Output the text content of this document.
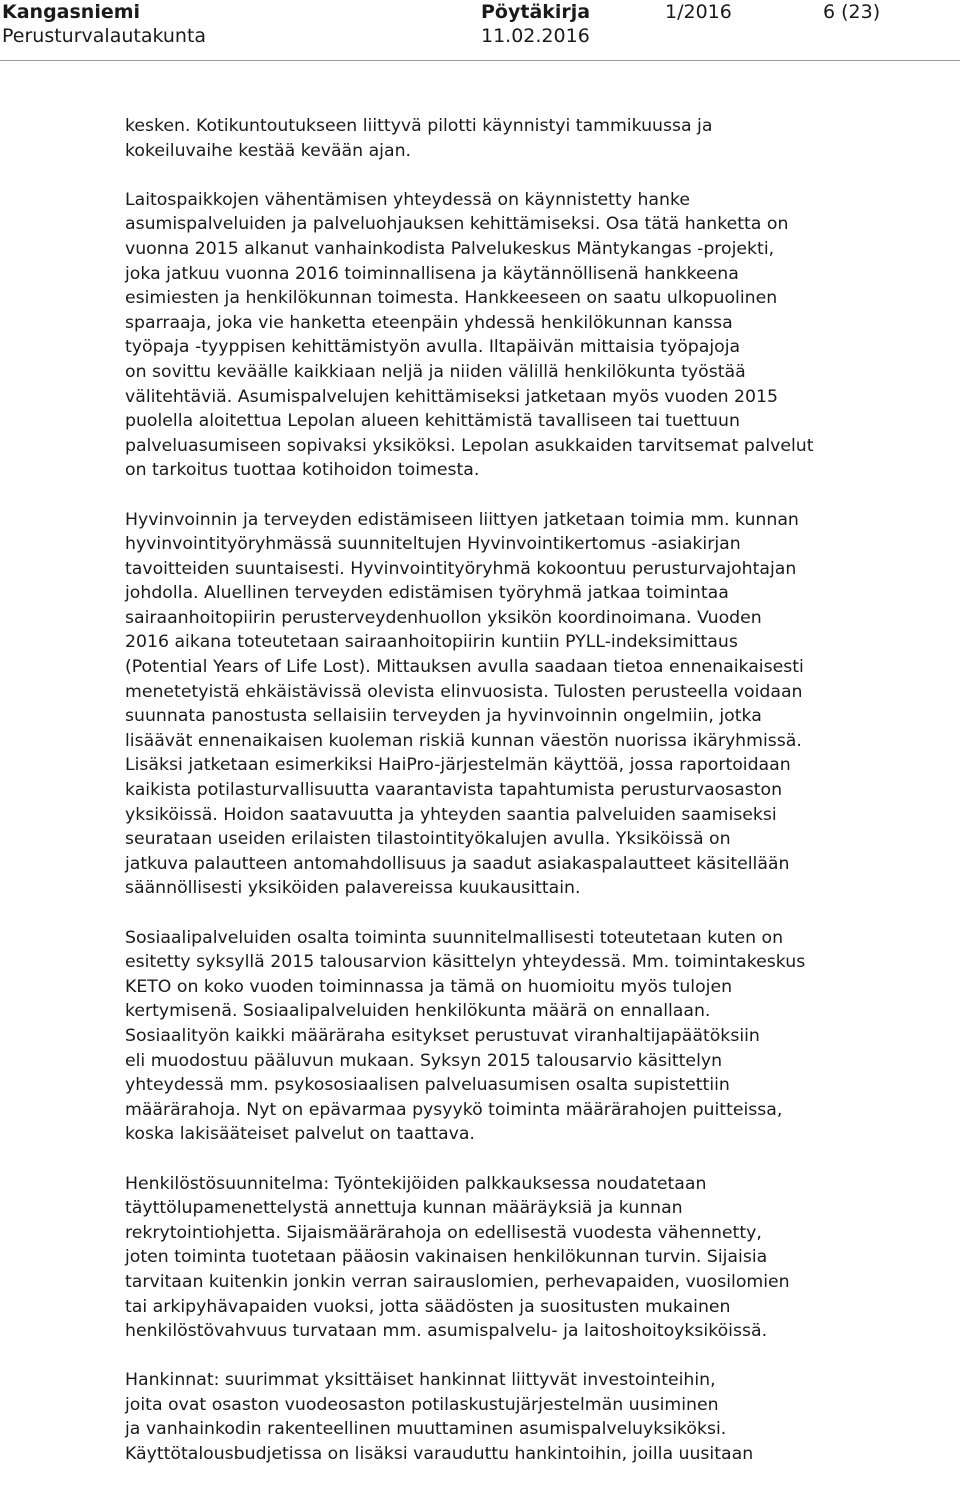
Kangasniemi
Perusturvalautakunta
Pöytäkirja
11.02.2016
1/2016	6 (23)

kesken. Kotikuntoutukseen liittyvä pilotti käynnistyi tammikuussa ja
kokeiluvaihe kestää kevään ajan.

Laitospaikkojen vähentämisen yhteydessä on käynnistetty hanke
asumispalveluiden ja palveluohjauksen kehittämiseksi. Osa tätä hanketta on
vuonna 2015 alkanut vanhainkodista Palvelukeskus Mäntykangas -projekti,
joka jatkuu vuonna 2016 toiminnallisena ja käytännöllisenä hankkeena
esimiesten ja henkilökunnan toimesta. Hankkeeseen on saatu ulkopuolinen
sparraaja, joka vie hanketta eteenpäin yhdessä henkilökunnan kanssa
työpaja -tyyppisen kehittämistyön avulla. Iltapäivän mittaisia työpajoja
on sovittu keväälle kaikkiaan neljä ja niiden välillä henkilökunta työstää
välitehtäviä. Asumispalvelujen kehittämiseksi jatketaan myös vuoden 2015
puolella aloitettua Lepolan alueen kehittämistä tavalliseen tai tuettuun
palveluasumiseen sopivaksi yksiköksi. Lepolan asukkaiden tarvitsemat palvelut
on tarkoitus tuottaa kotihoidon toimesta.

Hyvinvoinnin ja terveyden edistämiseen liittyen jatketaan toimia mm. kunnan
hyvinvointityöryhmässä suunniteltujen Hyvinvointikertomus -asiakirjan
tavoitteiden suuntaisesti. Hyvinvointityöryhmä kokoontuu perusturvajohtajan
johdolla. Aluellinen terveyden edistämisen työryhmä jatkaa toimintaa
sairaanhoitopiirin perusterveydenhuollon yksikön koordinoimana. Vuoden
2016 aikana toteutetaan sairaanhoitopiirin kuntiin PYLL-indeksimittaus
(Potential Years of Life Lost). Mittauksen avulla saadaan tietoa ennenaikaisesti
menetetyistä ehkäistävissä olevista elinvuosista. Tulosten perusteella voidaan
suunnata panostusta sellaisiin terveyden ja hyvinvoinnin ongelmiin, jotka
lisäävät ennenaikaisen kuoleman riskiä kunnan väestön nuorissa ikäryhmissä.
Lisäksi jatketaan esimerkiksi HaiPro-järjestelmän käyttöä, jossa raportoidaan
kaikista potilasturvallisuutta vaarantavista tapahtumista perusturvaosaston
yksiköissä. Hoidon saatavuutta ja yhteyden saantia palveluiden saamiseksi
seurataan useiden erilaisten tilastointityökalujen avulla. Yksiköissä on
jatkuva palautteen antomahdollisuus ja saadut asiakaspalautteet käsitellään
säännöllisesti yksiköiden palavereissa kuukausittain.

Sosiaalipalveluiden osalta toiminta suunnitelmallisesti toteutetaan kuten on
esitetty syksyllä 2015 talousarvion käsittelyn yhteydessä. Mm. toimintakeskus
KETO on koko vuoden toiminnassa ja tämä on huomioitu myös tulojen
kertymisenä. Sosiaalipalveluiden henkilökunta määrä on ennallaan.
Sosiaalityön kaikki määräraha esitykset perustuvat viranhaltijapäätöksiin
eli muodostuu pääluvun mukaan. Syksyn 2015 talousarvio käsittelyn
yhteydessä mm. psykososiaalisen palveluasumisen osalta supistettiin
määrärahoja. Nyt on epävarmaa pysyykö toiminta määrärahojen puitteissa,
koska lakisääteiset palvelut on taattava.

Henkilöstösuunnitelma: Työntekijöiden palkkauksessa noudatetaan
täyttölupamenettelystä annettuja kunnan määräyksiä ja kunnan
rekrytointiohjetta. Sijaismäärärahoja on edellisestä vuodesta vähennetty,
joten toiminta tuotetaan pääosin vakinaisen henkilökunnan turvin. Sijaisia
tarvitaan kuitenkin jonkin verran sairauslomien, perhevapaiden, vuosilomien
tai arkipyhävapaiden vuoksi, jotta säädösten ja suositusten mukainen
henkilöstövahvuus turvataan mm. asumispalvelu- ja laitoshoitoyksiköissä.

Hankinnat: suurimmat yksittäiset hankinnat liittyvät investointeihin,
joita ovat osaston vuodeosaston potilaskustujärjestelmän uusiminen
ja vanhainkodin rakenteellinen muuttaminen asumispalveluyksiköksi.
Käyttötalousbudjetissa on lisäksi varauduttu hankintoihin, joilla uusitaan
